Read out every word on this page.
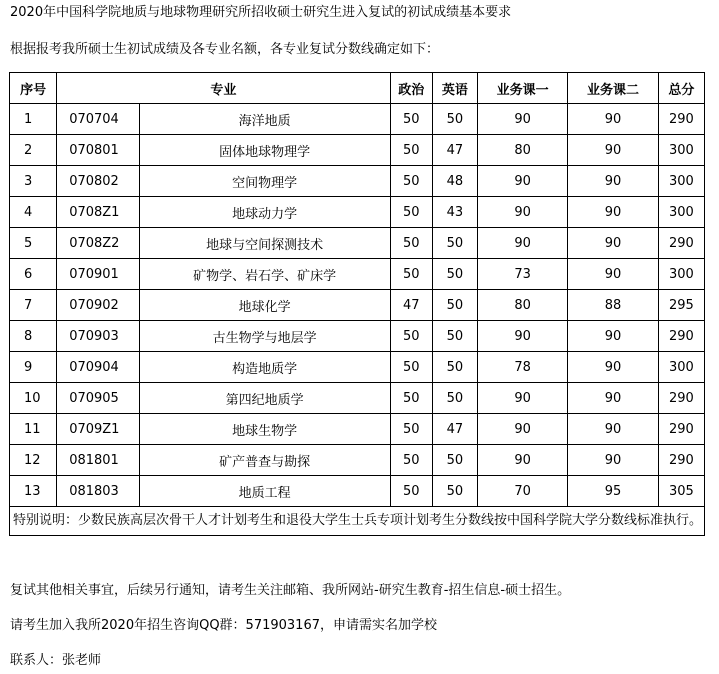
2020年中国科学院地质与地球物理研究所招收硕士研究生进入复试的初试成绩基本要求
根据报考我所硕士生初试成绩及各专业名额，各专业复试分数线确定如下：
序号	专业		政治	英语	业务课一	业务课二	总分
1	070704	海洋地质	50	50	90	90	290
2	070801	固体地球物理学	50	47	80	90	300
3	070802	空间物理学	50	48	90	90	300
4	0708Z1	地球动力学	50	43	90	90	300
5	0708Z2	地球与空间探测技术	50	50	90	90	290
6	070901	矿物学、岩石学、矿床学	50	50	73	90	300
7	070902	地球化学	47	50	80	88	295
8	070903	古生物学与地层学	50	50	90	90	290
9	070904	构造地质学	50	50	78	90	300
10	070905	第四纪地质学	50	50	90	90	290
11	0709Z1	地球生物学	50	47	90	90	290
12	081801	矿产普查与勘探	50	50	90	90	290
13	081803	地质工程	50	50	70	95	305
特别说明：少数民族高层次骨干人才计划考生和退役大学生士兵专项计划考生分数线按中国科学院大学分数线标准执行。							
复试其他相关事宜，后续另行通知，请考生关注邮箱、我所网站-研究生教育-招生信息-硕士招生。
请考生加入我所2020年招生咨询QQ群：571903167，申请需实名加学校
联系人：张老师
